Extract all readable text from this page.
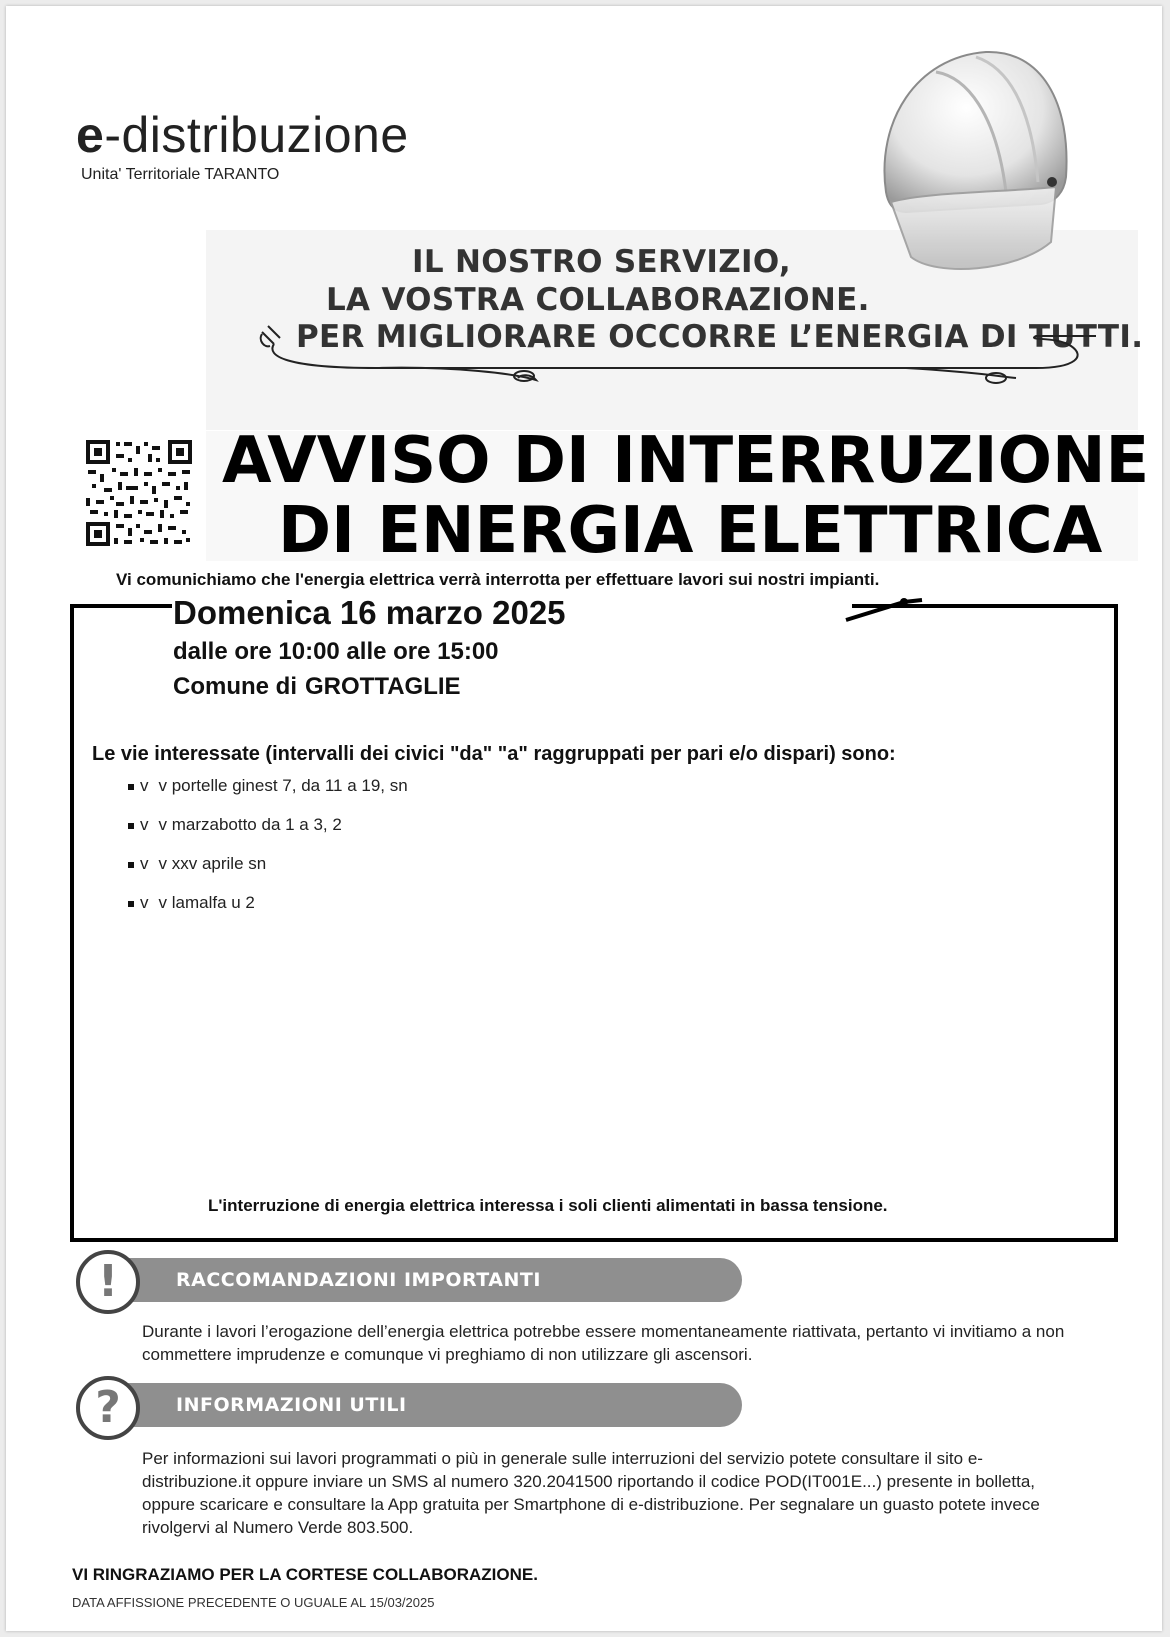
e-distribuzione
Unita' Territoriale TARANTO
IL NOSTRO SERVIZIO,
LA VOSTRA COLLABORAZIONE.
PER MIGLIORARE OCCORRE L’ENERGIA DI TUTTI.
AVVISO DI INTERRUZIONE
DI ENERGIA ELETTRICA
Vi comunichiamo che l'energia elettrica verrà interrotta per effettuare lavori sui nostri impianti.
Domenica 16 marzo 2025
dalle ore 10:00 alle ore 15:00
Comune di GROTTAGLIE
Le vie interessate (intervalli dei civici "da" "a" raggruppati per pari e/o dispari) sono:
v v portelle ginest 7, da 11 a 19, sn
v v marzabotto da 1 a 3, 2
v v xxv aprile sn
v v lamalfa u 2
L'interruzione di energia elettrica interessa i soli clienti alimentati in bassa tensione.
!	RACCOMANDAZIONI IMPORTANTI
Durante i lavori l’erogazione dell’energia elettrica potrebbe essere momentaneamente riattivata, pertanto vi invitiamo a non commettere imprudenze e comunque vi preghiamo di non utilizzare gli ascensori.
?	INFORMAZIONI UTILI
Per informazioni sui lavori programmati o più in generale sulle interruzioni del servizio potete consultare il sito e-distribuzione.it oppure inviare un SMS al numero 320.2041500 riportando il codice POD(IT001E...) presente in bolletta, oppure scaricare e consultare la App gratuita per Smartphone di e-distribuzione. Per segnalare un guasto potete invece rivolgervi al Numero Verde 803.500.
VI RINGRAZIAMO PER LA CORTESE COLLABORAZIONE.
DATA AFFISSIONE PRECEDENTE O UGUALE AL 15/03/2025
